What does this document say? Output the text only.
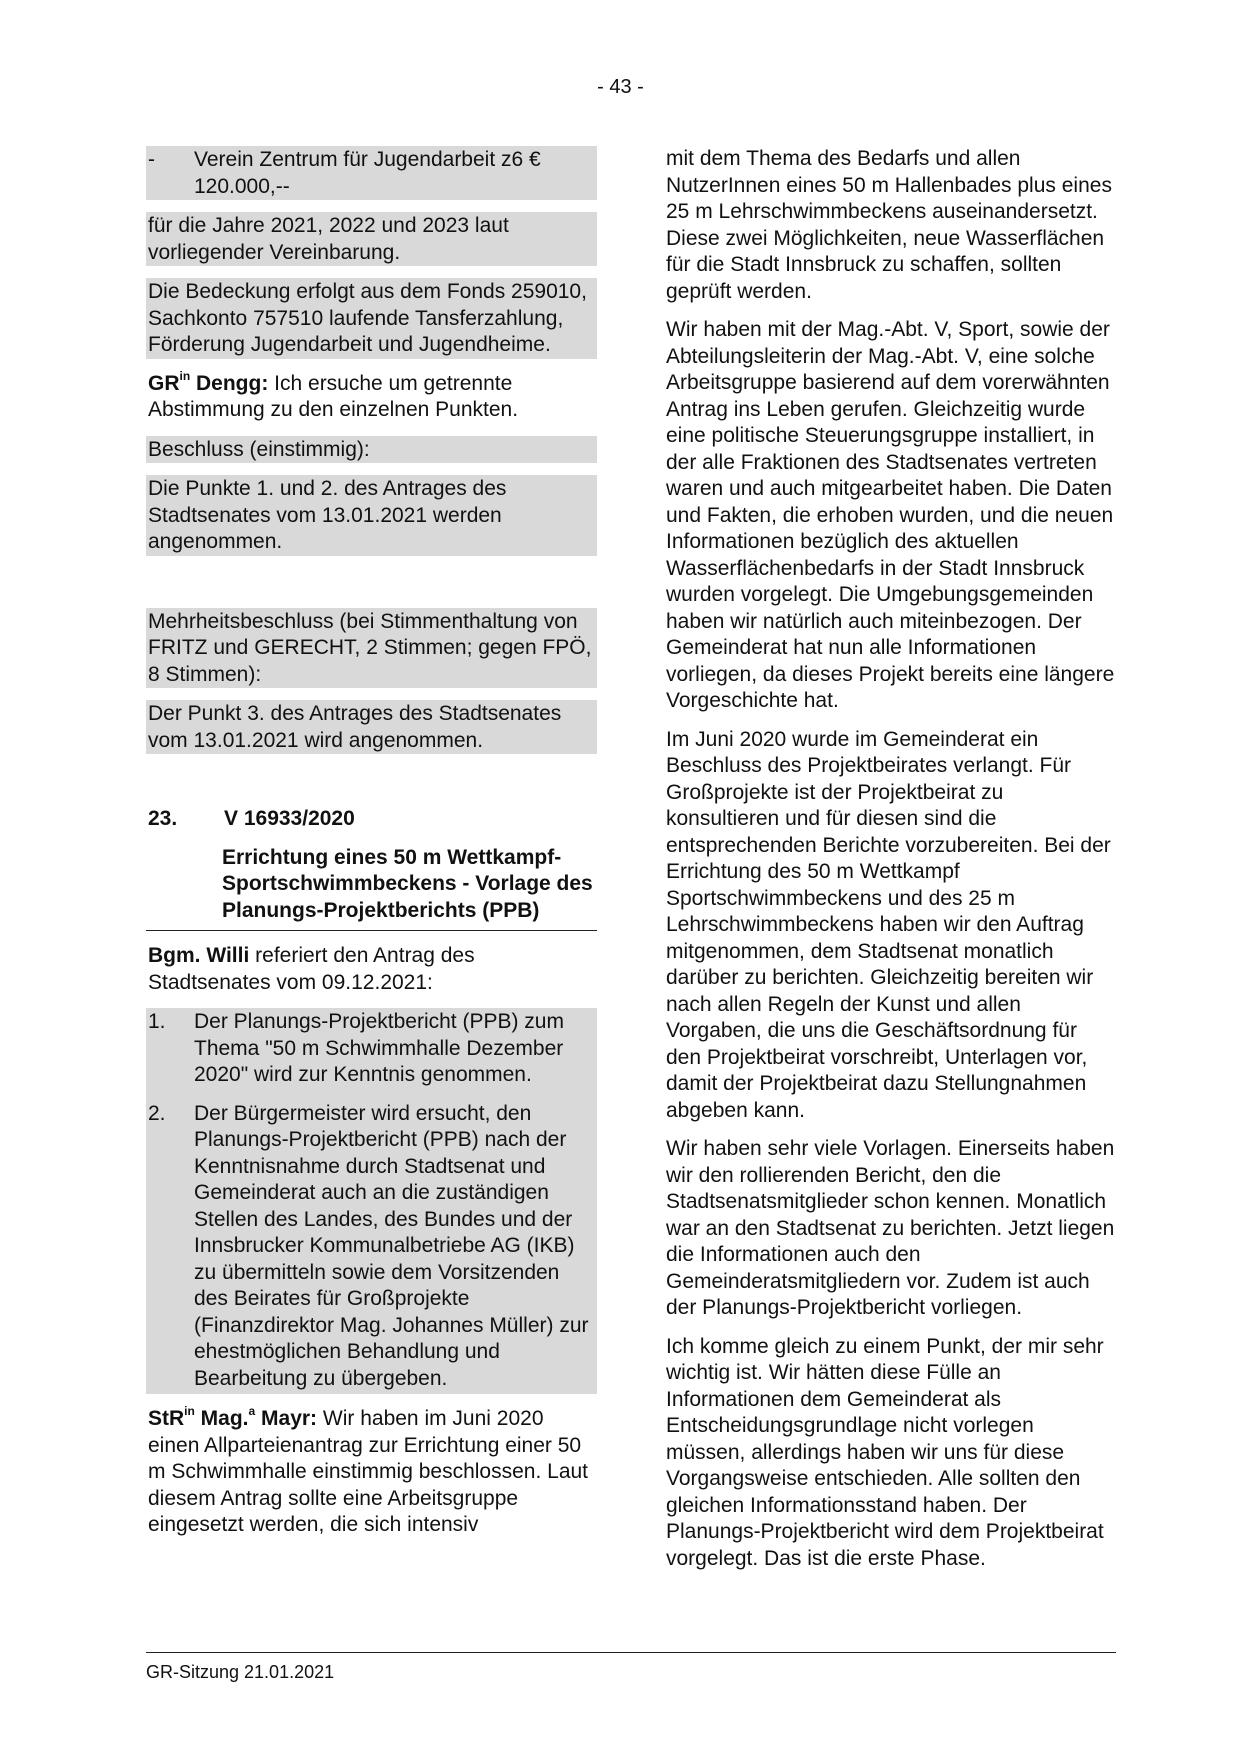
- 43 -
-	Verein Zentrum für Jugendarbeit z6 € 120.000,--

für die Jahre 2021, 2022 und 2023 laut vorliegender Vereinbarung.

Die Bedeckung erfolgt aus dem Fonds 259010, Sachkonto 757510 laufende Tansferzahlung, Förderung Jugendarbeit und Jugendheime.

$GR^{in}$ Dengg: Ich ersuche um getrennte Abstimmung zu den einzelnen Punkten.

Beschluss (einstimmig):

Die Punkte 1. und 2. des Antrages des Stadtsenates vom 13.01.2021 werden angenommen.

Mehrheitsbeschluss (bei Stimmenthaltung von FRITZ und GERECHT, 2 Stimmen; gegen FPÖ, 8 Stimmen):

Der Punkt 3. des Antrages des Stadtsenates vom 13.01.2021 wird angenommen.

23.	V 16933/2020
Errichtung eines 50 m Wettkampf-Sportschwimmbeckens - Vorlage des Planungs-Projektberichts (PPB)

Bgm. Willi referiert den Antrag des Stadtsenates vom 09.12.2021:

1.	Der Planungs-Projektbericht (PPB) zum Thema "50 m Schwimmhalle Dezember 2020" wird zur Kenntnis genommen.
2.	Der Bürgermeister wird ersucht, den Planungs-Projektbericht (PPB) nach der Kenntnisnahme durch Stadtsenat und Gemeinderat auch an die zuständigen Stellen des Landes, des Bundes und der Innsbrucker Kommunalbetriebe AG (IKB) zu übermitteln sowie dem Vorsitzenden des Beirates für Großprojekte (Finanzdirektor Mag. Johannes Müller) zur ehestmöglichen Behandlung und Bearbeitung zu übergeben.

StR$^{in}$ Mag.$^a$ Mayr: Wir haben im Juni 2020 einen Allparteienantrag zur Errichtung einer 50 m Schwimmhalle einstimmig beschlossen. Laut diesem Antrag sollte eine Arbeitsgruppe eingesetzt werden, die sich intensiv

mit dem Thema des Bedarfs und allen NutzerInnen eines 50 m Hallenbades plus eines 25 m Lehrschwimmbeckens auseinandersetzt. Diese zwei Möglichkeiten, neue Wasserflächen für die Stadt Innsbruck zu schaffen, sollten geprüft werden.

Wir haben mit der Mag.-Abt. V, Sport, sowie der Abteilungsleiterin der Mag.-Abt. V, eine solche Arbeitsgruppe basierend auf dem vorerwähnten Antrag ins Leben gerufen. Gleichzeitig wurde eine politische Steuerungsgruppe installiert, in der alle Fraktionen des Stadtsenates vertreten waren und auch mitgearbeitet haben. Die Daten und Fakten, die erhoben wurden, und die neuen Informationen bezüglich des aktuellen Wasserflächenbedarfs in der Stadt Innsbruck wurden vorgelegt. Die Umgebungsgemeinden haben wir natürlich auch miteinbezogen. Der Gemeinderat hat nun alle Informationen vorliegen, da dieses Projekt bereits eine längere Vorgeschichte hat.

Im Juni 2020 wurde im Gemeinderat ein Beschluss des Projektbeirates verlangt. Für Großprojekte ist der Projektbeirat zu konsultieren und für diesen sind die entsprechenden Berichte vorzubereiten. Bei der Errichtung des 50 m Wettkampf Sportschwimmbeckens und des 25 m Lehrschwimmbeckens haben wir den Auftrag mitgenommen, dem Stadtsenat monatlich darüber zu berichten. Gleichzeitig bereiten wir nach allen Regeln der Kunst und allen Vorgaben, die uns die Geschäftsordnung für den Projektbeirat vorschreibt, Unterlagen vor, damit der Projektbeirat dazu Stellungnahmen abgeben kann.

Wir haben sehr viele Vorlagen. Einerseits haben wir den rollierenden Bericht, den die Stadtsenatsmitglieder schon kennen. Monatlich war an den Stadtsenat zu berichten. Jetzt liegen die Informationen auch den Gemeinderatsmitgliedern vor. Zudem ist auch der Planungs-Projektbericht vorliegen.

Ich komme gleich zu einem Punkt, der mir sehr wichtig ist. Wir hätten diese Fülle an Informationen dem Gemeinderat als Entscheidungsgrundlage nicht vorlegen müssen, allerdings haben wir uns für diese Vorgangsweise entschieden. Alle sollten den gleichen Informationsstand haben. Der Planungs-Projektbericht wird dem Projektbeirat vorgelegt. Das ist die erste Phase.

GR-Sitzung 21.01.2021
